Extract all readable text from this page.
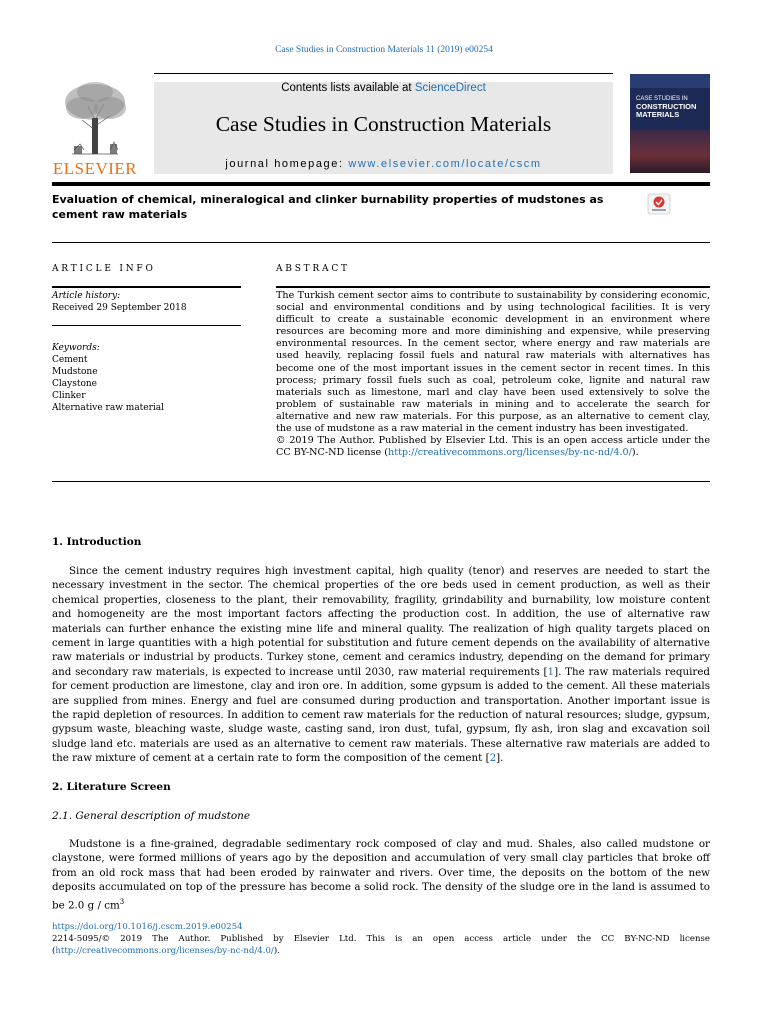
Case Studies in Construction Materials 11 (2019) e00254
ELSEVIER
Contents lists available at ScienceDirect
Case Studies in Construction Materials
journal homepage: www.elsevier.com/locate/cscm
CASE STUDIES IN
CONSTRUCTION MATERIALS
Evaluation of chemical, mineralogical and clinker burnability properties of mudstones as cement raw materials
ARTICLE INFO	ABSTRACT
Article history:
Received 29 September 2018
Keywords:
Cement
Mudstone
Claystone
Clinker
Alternative raw material
The Turkish cement sector aims to contribute to sustainability by considering economic, social and environmental conditions and by using technological facilities. It is very difficult to create a sustainable economic development in an environment where resources are becoming more and more diminishing and expensive, while preserving environmental resources. In the cement sector, where energy and raw materials are used heavily, replacing fossil fuels and natural raw materials with alternatives has become one of the most important issues in the cement sector in recent times. In this process; primary fossil fuels such as coal, petroleum coke, lignite and natural raw materials such as limestone, marl and clay have been used extensively to solve the problem of sustainable raw materials in mining and to accelerate the search for alternative and new raw materials. For this purpose, as an alternative to cement clay, the use of mudstone as a raw material in the cement industry has been investigated.
© 2019 The Author. Published by Elsevier Ltd. This is an open access article under the CC BY-NC-ND license (http://creativecommons.org/licenses/by-nc-nd/4.0/).
1. Introduction
Since the cement industry requires high investment capital, high quality (tenor) and reserves are needed to start the necessary investment in the sector. The chemical properties of the ore beds used in cement production, as well as their chemical properties, closeness to the plant, their removability, fragility, grindability and burnability, low moisture content and homogeneity are the most important factors affecting the production cost. In addition, the use of alternative raw materials can further enhance the existing mine life and mineral quality. The realization of high quality targets placed on cement in large quantities with a high potential for substitution and future cement depends on the availability of alternative raw materials or industrial by products. Turkey stone, cement and ceramics industry, depending on the demand for primary and secondary raw materials, is expected to increase until 2030, raw material requirements [1]. The raw materials required for cement production are limestone, clay and iron ore. In addition, some gypsum is added to the cement. All these materials are supplied from mines. Energy and fuel are consumed during production and transportation. Another important issue is the rapid depletion of resources. In addition to cement raw materials for the reduction of natural resources; sludge, gypsum, gypsum waste, bleaching waste, sludge waste, casting sand, iron dust, tufal, gypsum, fly ash, iron slag and excavation soil sludge land etc. materials are used as an alternative to cement raw materials. These alternative raw materials are added to the raw mixture of cement at a certain rate to form the composition of the cement [2].
2. Literature Screen
2.1. General description of mudstone
Mudstone is a fine-grained, degradable sedimentary rock composed of clay and mud. Shales, also called mudstone or claystone, were formed millions of years ago by the deposition and accumulation of very small clay particles that broke off from an old rock mass that had been eroded by rainwater and rivers. Over time, the deposits on the bottom of the new deposits accumulated on top of the pressure has become a solid rock. The density of the sludge ore in the land is assumed to be 2.0 g / $cm^3$
https://doi.org/10.1016/j.cscm.2019.e00254
2214-5095/© 2019 The Author. Published by Elsevier Ltd. This is an open access article under the CC BY-NC-ND license (http://creativecommons.org/licenses/by-nc-nd/4.0/).
